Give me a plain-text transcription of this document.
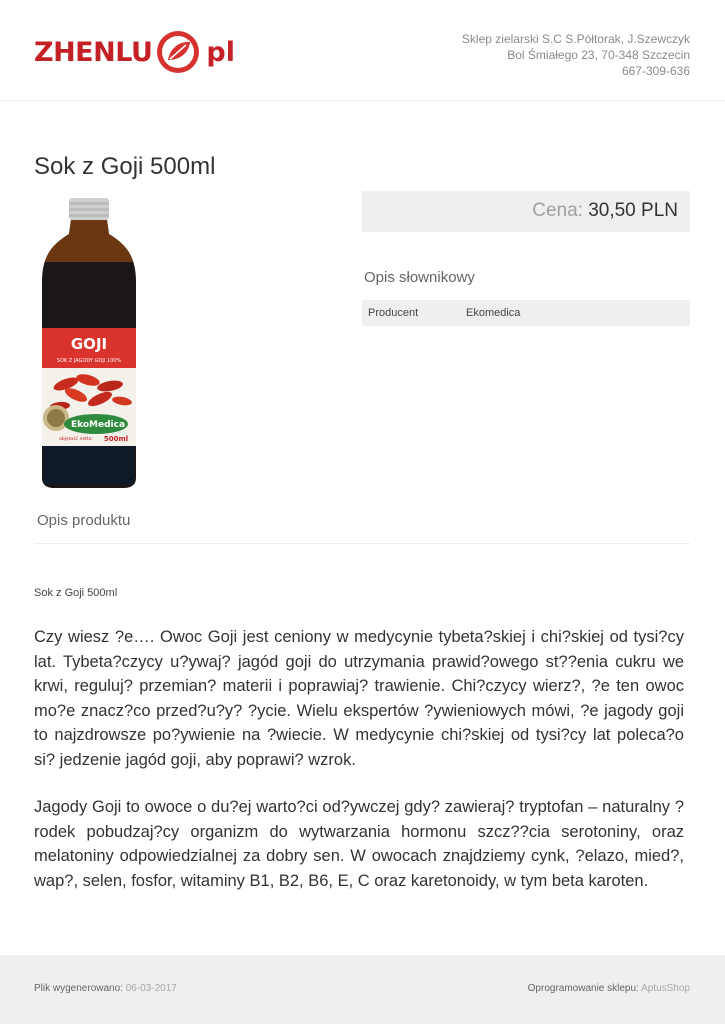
ZHENLU pl	Sklep zielarski S.C S.Półtorak, J.Szewczyk
Bol Śmiałego 23, 70-348 Szczecin
667-309-636
Sok z Goji 500ml
GOJI
SOK Z JAGODY GOJI 100%
EkoMedica
objętość netto: 500ml
Cena: 30,50 PLN
Opis słownikowy
Producent	Ekomedica
Opis produktu
Sok z Goji 500ml

Czy wiesz ?e…. Owoc Goji jest ceniony w medycynie tybeta?skiej i chi?skiej od tysi?cy lat. Tybeta?czycy u?ywaj? jagód goji do utrzymania prawid?owego st??enia cukru we krwi, reguluj? przemian? materii i poprawiaj? trawienie. Chi?czycy wierz?, ?e ten owoc mo?e znacz?co przed?u?y? ?ycie. Wielu ekspertów ?ywieniowych mówi, ?e jagody goji to najzdrowsze po?ywienie na ?wiecie. W medycynie chi?skiej od tysi?cy lat poleca?o si? jedzenie jagód goji, aby poprawi? wzrok.

Jagody Goji to owoce o du?ej warto?ci od?ywczej gdy? zawieraj? tryptofan – naturalny ?rodek pobudzaj?cy organizm do wytwarzania hormonu szcz??cia serotoniny, oraz melatoniny odpowiedzialnej za dobry sen. W owocach znajdziemy cynk, ?elazo, mied?, wap?, selen, fosfor, witaminy B1, B2, B6, E, C oraz karetonoidy, w tym beta karoten.

Plik wygenerowano: 06-03-2017	Oprogramowanie sklepu: AptusShop
